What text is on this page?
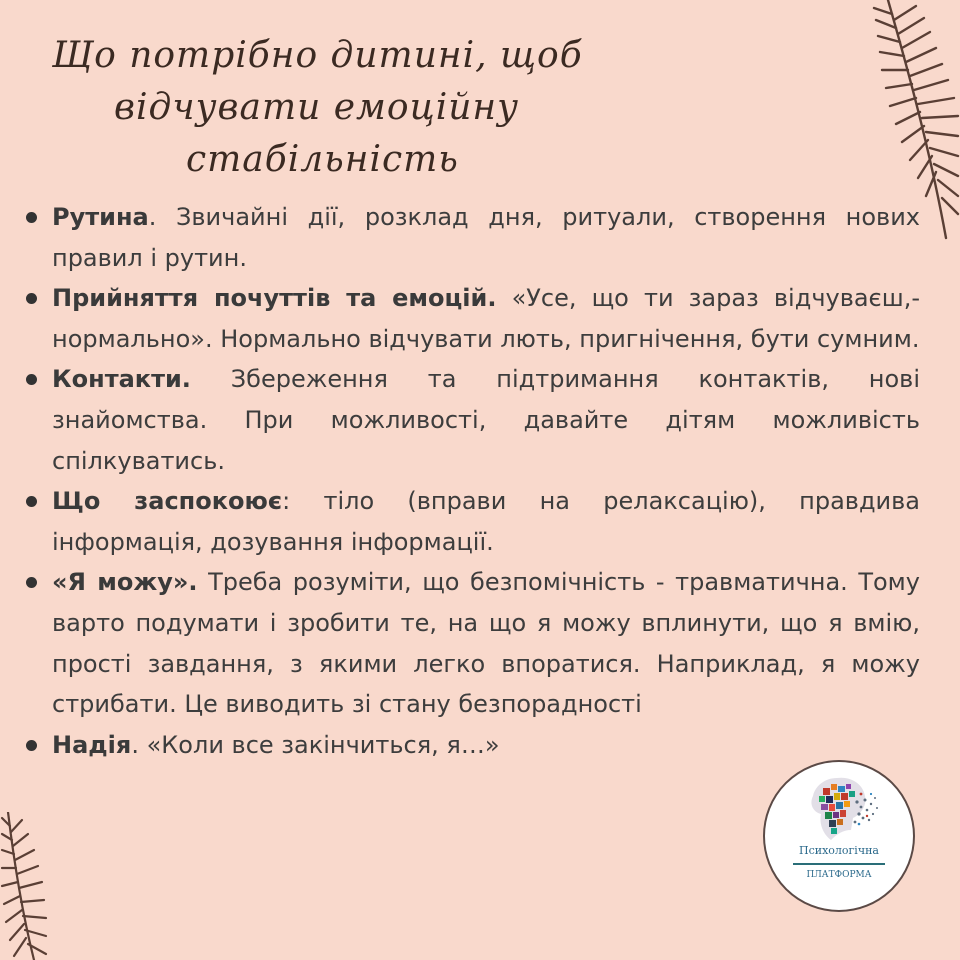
Що потрібно дитині, щоб
відчувати емоційну
стабільність
Рутина. Звичайні дії, розклад дня, ритуали, створення нових правил і рутин.
Прийняття почуттів та емоцій. «Усе, що ти зараз відчуваєш,- нормально». Нормально відчувати лють, пригнічення, бути сумним.
Контакти. Збереження та підтримання контактів, нові знайомства. При можливості, давайте дітям можливість спілкуватись.
Що заспокоює: тіло (вправи на релаксацію), правдива інформація, дозування інформації.
«Я можу». Треба розуміти, що безпомічність - травматична. Тому варто подумати і зробити те, на що я можу вплинути, що я вмію, прості завдання, з якими легко впоратися. Наприклад, я можу стрибати. Це виводить зі стану безпорадності
Надія. «Коли все закінчиться, я…»
Психологічна
ПЛАТФОРМА
